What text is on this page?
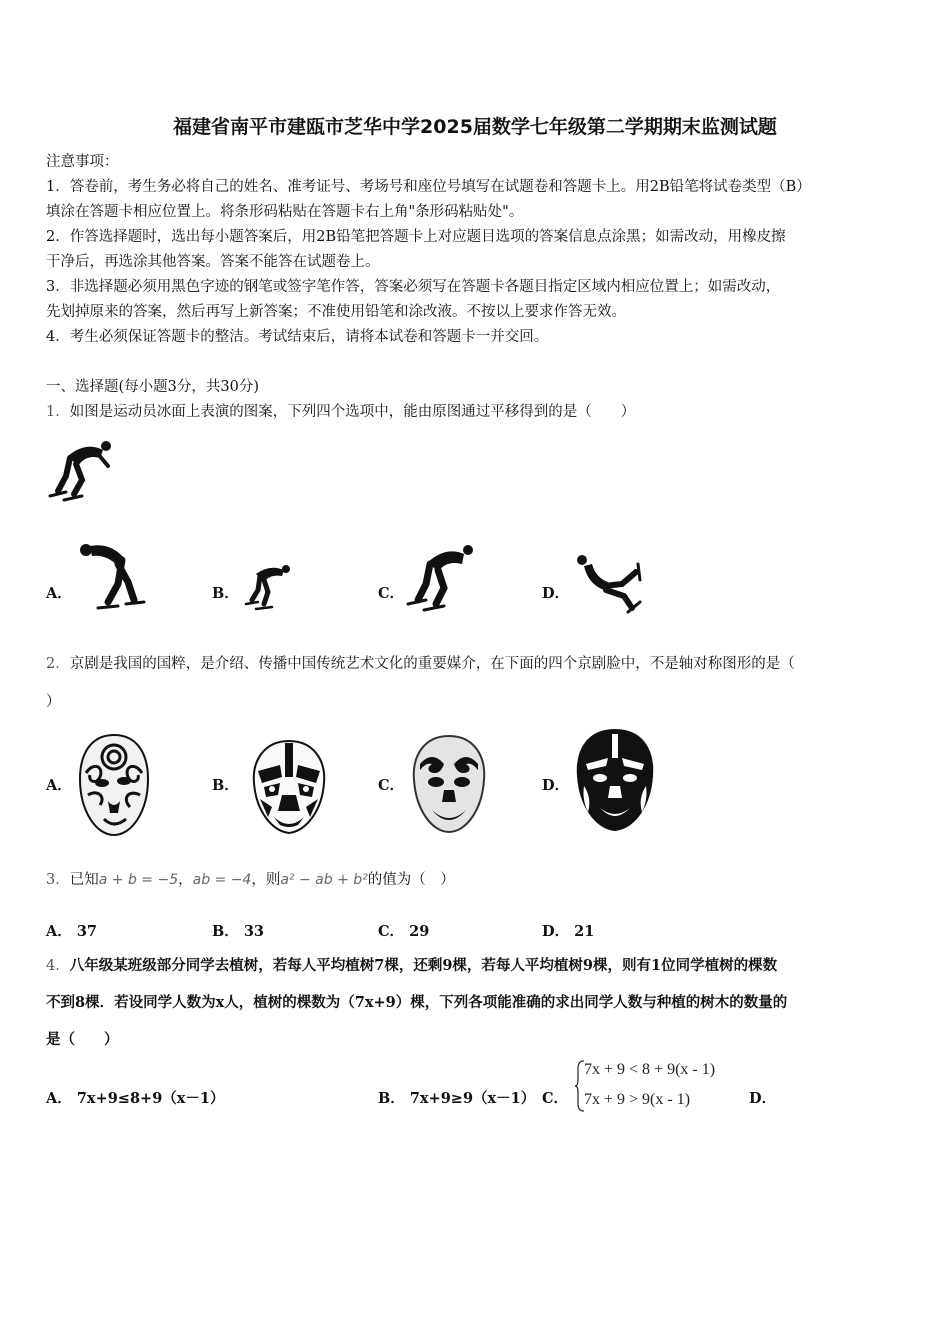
福建省南平市建瓯市芝华中学2025届数学七年级第二学期期末监测试题
注意事项：
1．答卷前，考生务必将自己的姓名、准考证号、考场号和座位号填写在试题卷和答题卡上。用2B铅笔将试卷类型（B）
填涂在答题卡相应位置上。将条形码粘贴在答题卡右上角"条形码粘贴处"。
2．作答选择题时，选出每小题答案后，用2B铅笔把答题卡上对应题目选项的答案信息点涂黑；如需改动，用橡皮擦
干净后，再选涂其他答案。答案不能答在试题卷上。
3．非选择题必须用黑色字迹的钢笔或签字笔作答，答案必须写在答题卡各题目指定区域内相应位置上；如需改动，
先划掉原来的答案，然后再写上新答案；不准使用铅笔和涂改液。不按以上要求作答无效。
4．考生必须保证答题卡的整洁。考试结束后，请将本试卷和答题卡一并交回。
一、选择题(每小题3分，共30分)
1．如图是运动员冰面上表演的图案，下列四个选项中，能由原图通过平移得到的是（　　）
A．	B．	C．	D．
2．京剧是我国的国粹，是介绍、传播中国传统艺术文化的重要媒介，在下面的四个京剧脸中，不是轴对称图形的是（
）
A．	B．	C．	D．
3．已知a + b = −5，ab = −4，则a² − ab + b²的值为（　）
A． 37	B． 33	C． 29	D． 21
4．八年级某班级部分同学去植树，若每人平均植树7棵，还剩9棵，若每人平均植树9棵，则有1位同学植树的棵数
不到8棵．若设同学人数为x人，植树的棵数为（7x+9）棵，下列各项能准确的求出同学人数与种植的树木的数量的
是（　　）
A． 7x+9≤8+9（x－1）	B． 7x+9≥9（x－1） C．
7x + 9 < 8 + 9(x - 1)
7x + 9 > 9(x - 1)	D．
